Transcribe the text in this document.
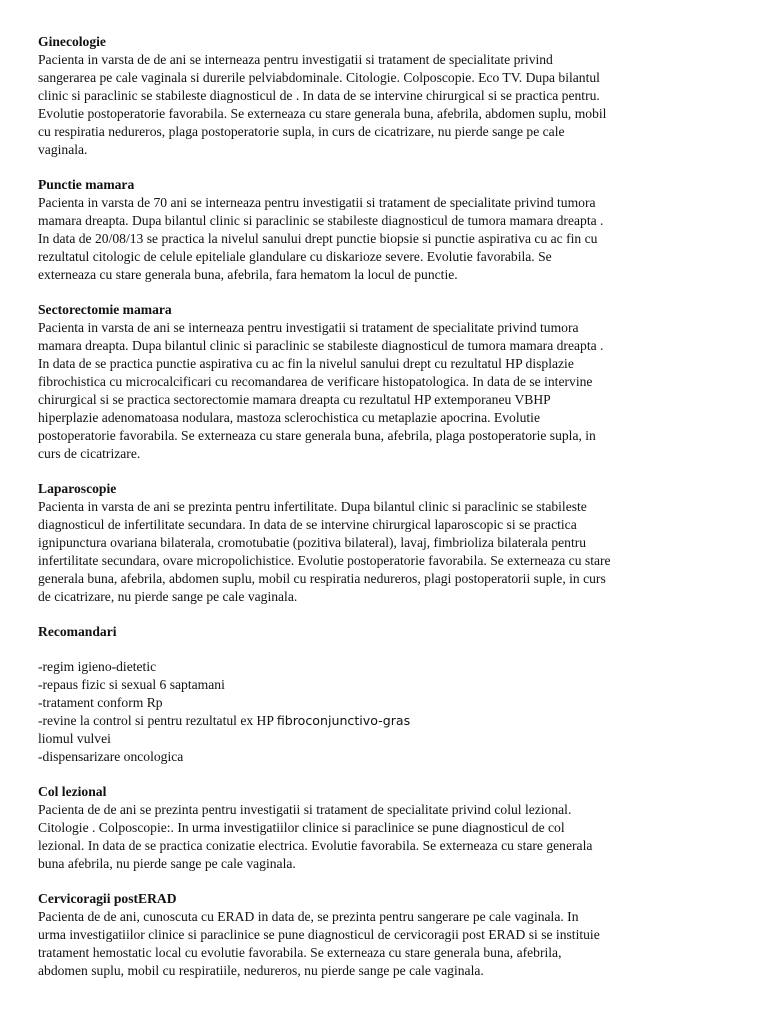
Ginecologie
Pacienta in varsta de de ani se interneaza pentru investigatii si tratament de specialitate privind
sangerarea pe cale vaginala si durerile pelviabdominale. Citologie. Colposcopie. Eco TV. Dupa bilantul
clinic si paraclinic se stabileste diagnosticul de . In data de se intervine chirurgical si se practica pentru.
Evolutie postoperatorie favorabila. Se externeaza cu stare generala buna, afebrila, abdomen suplu, mobil
cu respiratia nedureros, plaga postoperatorie supla, in curs de cicatrizare, nu pierde sange pe cale
vaginala.
Punctie mamara
Pacienta in varsta de 70 ani se interneaza pentru investigatii si tratament de specialitate privind tumora
mamara dreapta. Dupa bilantul clinic si paraclinic se stabileste diagnosticul de tumora mamara dreapta .
In data de 20/08/13 se practica la nivelul sanului drept punctie biopsie si punctie aspirativa cu ac fin cu
rezultatul citologic de celule epiteliale glandulare cu diskarioze severe. Evolutie favorabila. Se
externeaza cu stare generala buna, afebrila, fara hematom la locul de punctie.
Sectorectomie mamara
Pacienta in varsta de ani se interneaza pentru investigatii si tratament de specialitate privind tumora
mamara dreapta. Dupa bilantul clinic si paraclinic se stabileste diagnosticul de tumora mamara dreapta .
In data de se practica punctie aspirativa cu ac fin la nivelul sanului drept cu rezultatul HP displazie
fibrochistica cu microcalcificari cu recomandarea de verificare histopatologica. In data de se intervine
chirurgical si se practica sectorectomie mamara dreapta cu rezultatul HP extemporaneu VBHP
hiperplazie adenomatoasa nodulara, mastoza sclerochistica cu metaplazie apocrina. Evolutie
postoperatorie favorabila. Se externeaza cu stare generala buna, afebrila, plaga postoperatorie supla, in
curs de cicatrizare.
Laparoscopie
Pacienta in varsta de ani se prezinta pentru infertilitate. Dupa bilantul clinic si paraclinic se stabileste
diagnosticul de infertilitate secundara. In data de se intervine chirurgical laparoscopic si se practica
ignipunctura ovariana bilaterala, cromotubatie (pozitiva bilateral), lavaj, fimbrioliza bilaterala pentru
infertilitate secundara, ovare micropolichistice. Evolutie postoperatorie favorabila. Se externeaza cu stare
generala buna, afebrila, abdomen suplu, mobil cu respiratia nedureros, plagi postoperatorii suple, in curs
de cicatrizare, nu pierde sange pe cale vaginala.
Recomandari
-regim igieno-dietetic
-repaus fizic si sexual 6 saptamani
-tratament conform Rp
-revine la control si pentru rezultatul ex HP fibroconjunctivo-gras
liomul vulvei
-dispensarizare oncologica
Col lezional
Pacienta de de ani se prezinta pentru investigatii si tratament de specialitate privind colul lezional.
Citologie . Colposcopie:. In urma investigatiilor clinice si paraclinice se pune diagnosticul de col
lezional. In data de se practica conizatie electrica. Evolutie favorabila. Se externeaza cu stare generala
buna afebrila, nu pierde sange pe cale vaginala.
Cervicoragii postERAD
Pacienta de de ani, cunoscuta cu ERAD in data de, se prezinta pentru sangerare pe cale vaginala. In
urma investigatiilor clinice si paraclinice se pune diagnosticul de cervicoragii post ERAD si se instituie
tratament hemostatic local cu evolutie favorabila. Se externeaza cu stare generala buna, afebrila,
abdomen suplu, mobil cu respiratiile, nedureros, nu pierde sange pe cale vaginala.
